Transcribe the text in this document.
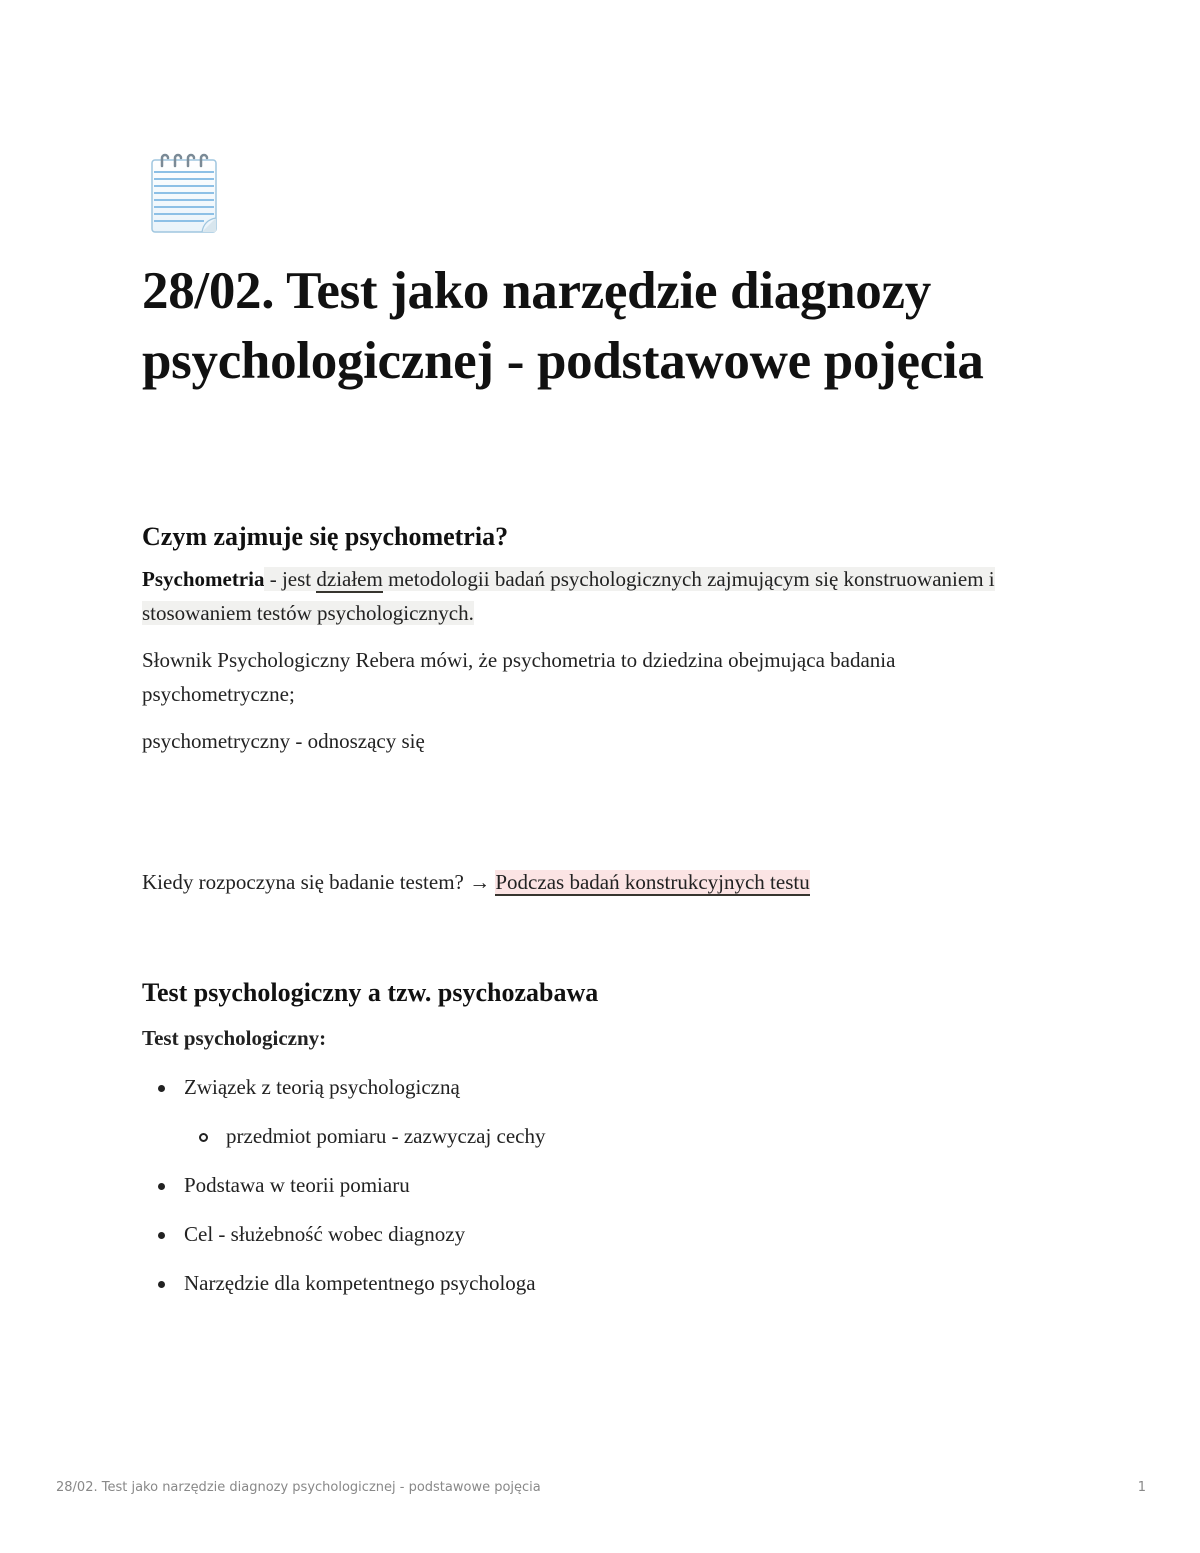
28/02. Test jako narzędzie diagnozy psychologicznej - podstawowe pojęcia
Czym zajmuje się psychometria?

Psychometria - jest działem metodologii badań psychologicznych zajmującym się konstruowaniem i stosowaniem testów psychologicznych.

Słownik Psychologiczny Rebera mówi, że psychometria to dziedzina obejmująca badania psychometryczne;

psychometryczny - odnoszący się

Kiedy rozpoczyna się badanie testem? → Podczas badań konstrukcyjnych testu

Test psychologiczny a tzw. psychozabawa

Test psychologiczny:

Związek z teorią psychologiczną
przedmiot pomiaru - zazwyczaj cechy
Podstawa w teorii pomiaru
Cel - służebność wobec diagnozy
Narzędzie dla kompetentnego psychologa
28/02. Test jako narzędzie diagnozy psychologicznej - podstawowe pojęcia	1
